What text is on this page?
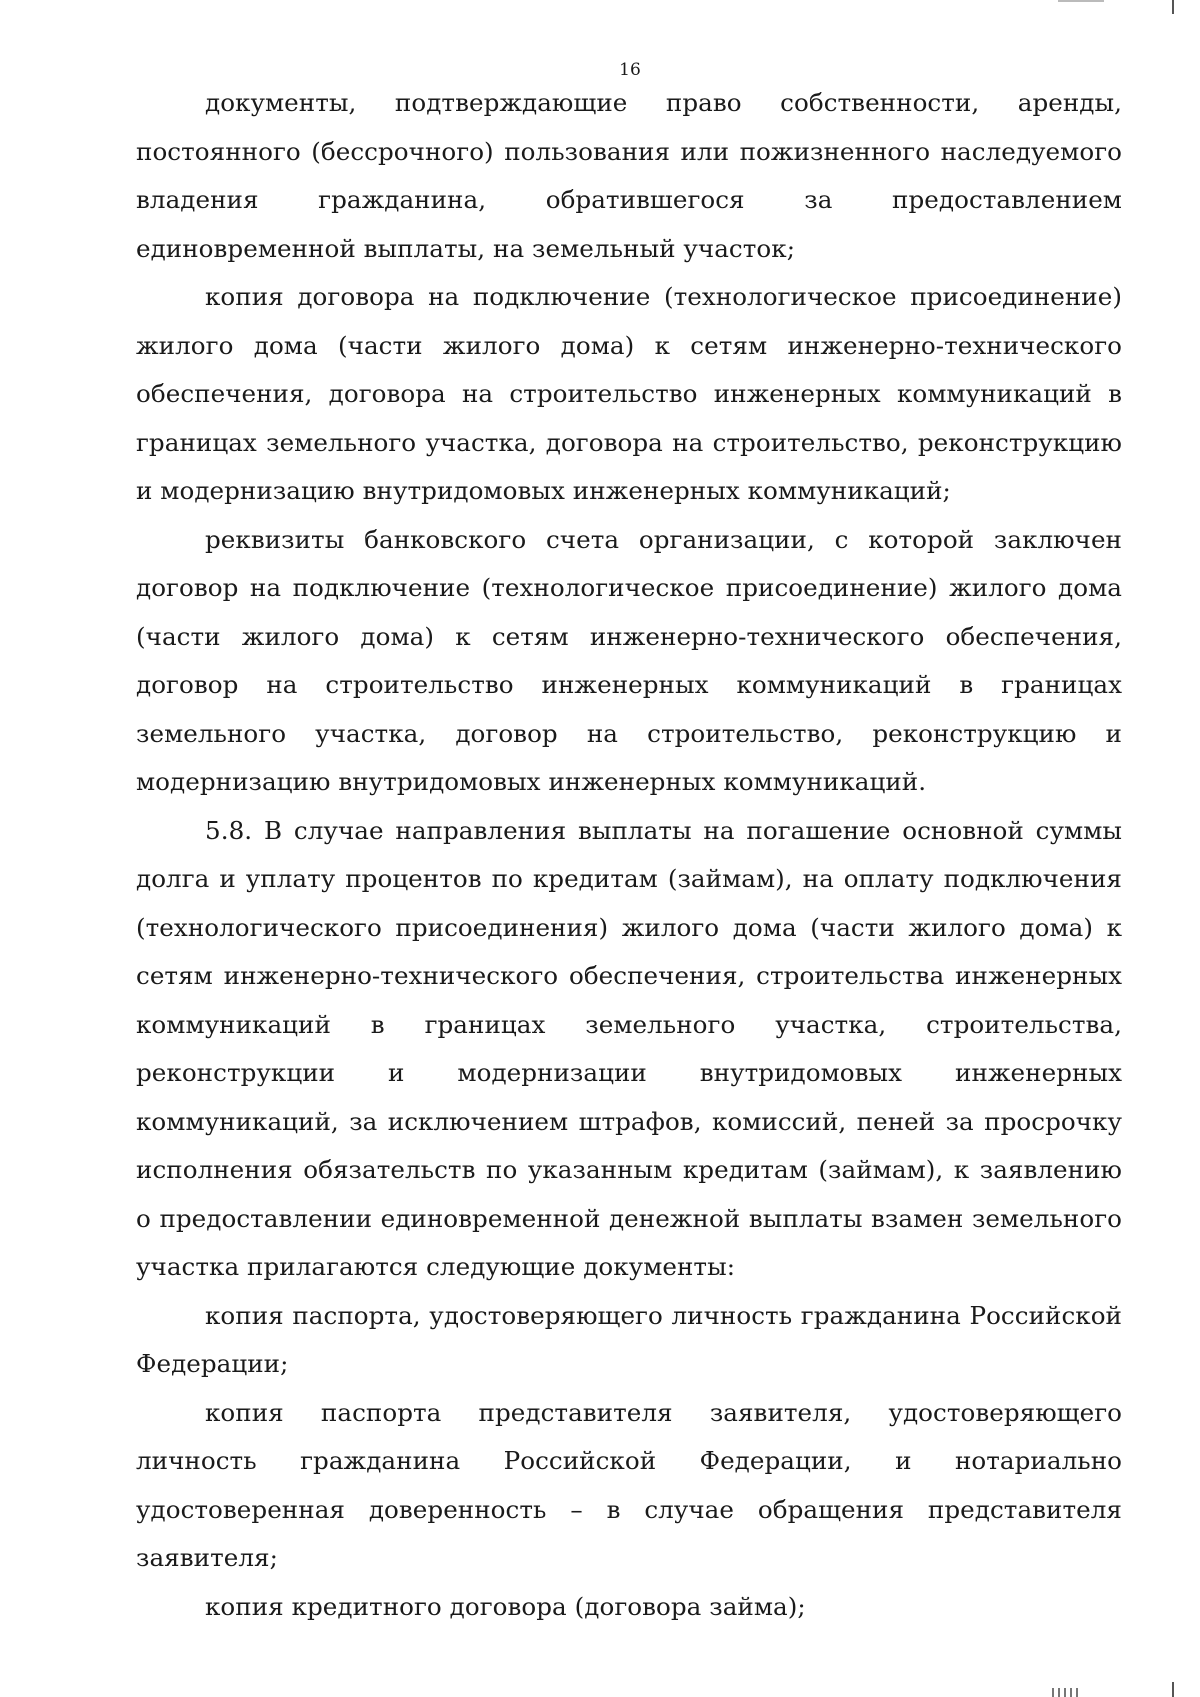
16

документы, подтверждающие право собственности, аренды, постоянного (бессрочного) пользования или пожизненного наследуемого владения гражданина, обратившегося за предоставлением единовременной выплаты, на земельный участок;

копия договора на подключение (технологическое присоединение) жилого дома (части жилого дома) к сетям инженерно-технического обеспечения, договора на строительство инженерных коммуникаций в границах земельного участка, договора на строительство, реконструкцию и модернизацию внутридомовых инженерных коммуникаций;

реквизиты банковского счета организации, с которой заключен договор на подключение (технологическое присоединение) жилого дома (части жилого дома) к сетям инженерно-технического обеспечения, договор на строительство инженерных коммуникаций в границах земельного участка, договор на строительство, реконструкцию и модернизацию внутридомовых инженерных коммуникаций.

5.8. В случае направления выплаты на погашение основной суммы долга и уплату процентов по кредитам (займам), на оплату подключения (технологического присоединения) жилого дома (части жилого дома) к сетям инженерно-технического обеспечения, строительства инженерных коммуникаций в границах земельного участка, строительства, реконструкции и модернизации внутридомовых инженерных коммуникаций, за исключением штрафов, комиссий, пеней за просрочку исполнения обязательств по указанным кредитам (займам), к заявлению о предоставлении единовременной денежной выплаты взамен земельного участка прилагаются следующие документы:

копия паспорта, удостоверяющего личность гражданина Российской Федерации;

копия паспорта представителя заявителя, удостоверяющего личность гражданина Российской Федерации, и нотариально удостоверенная доверенность – в случае обращения представителя заявителя;

копия кредитного договора (договора займа);
